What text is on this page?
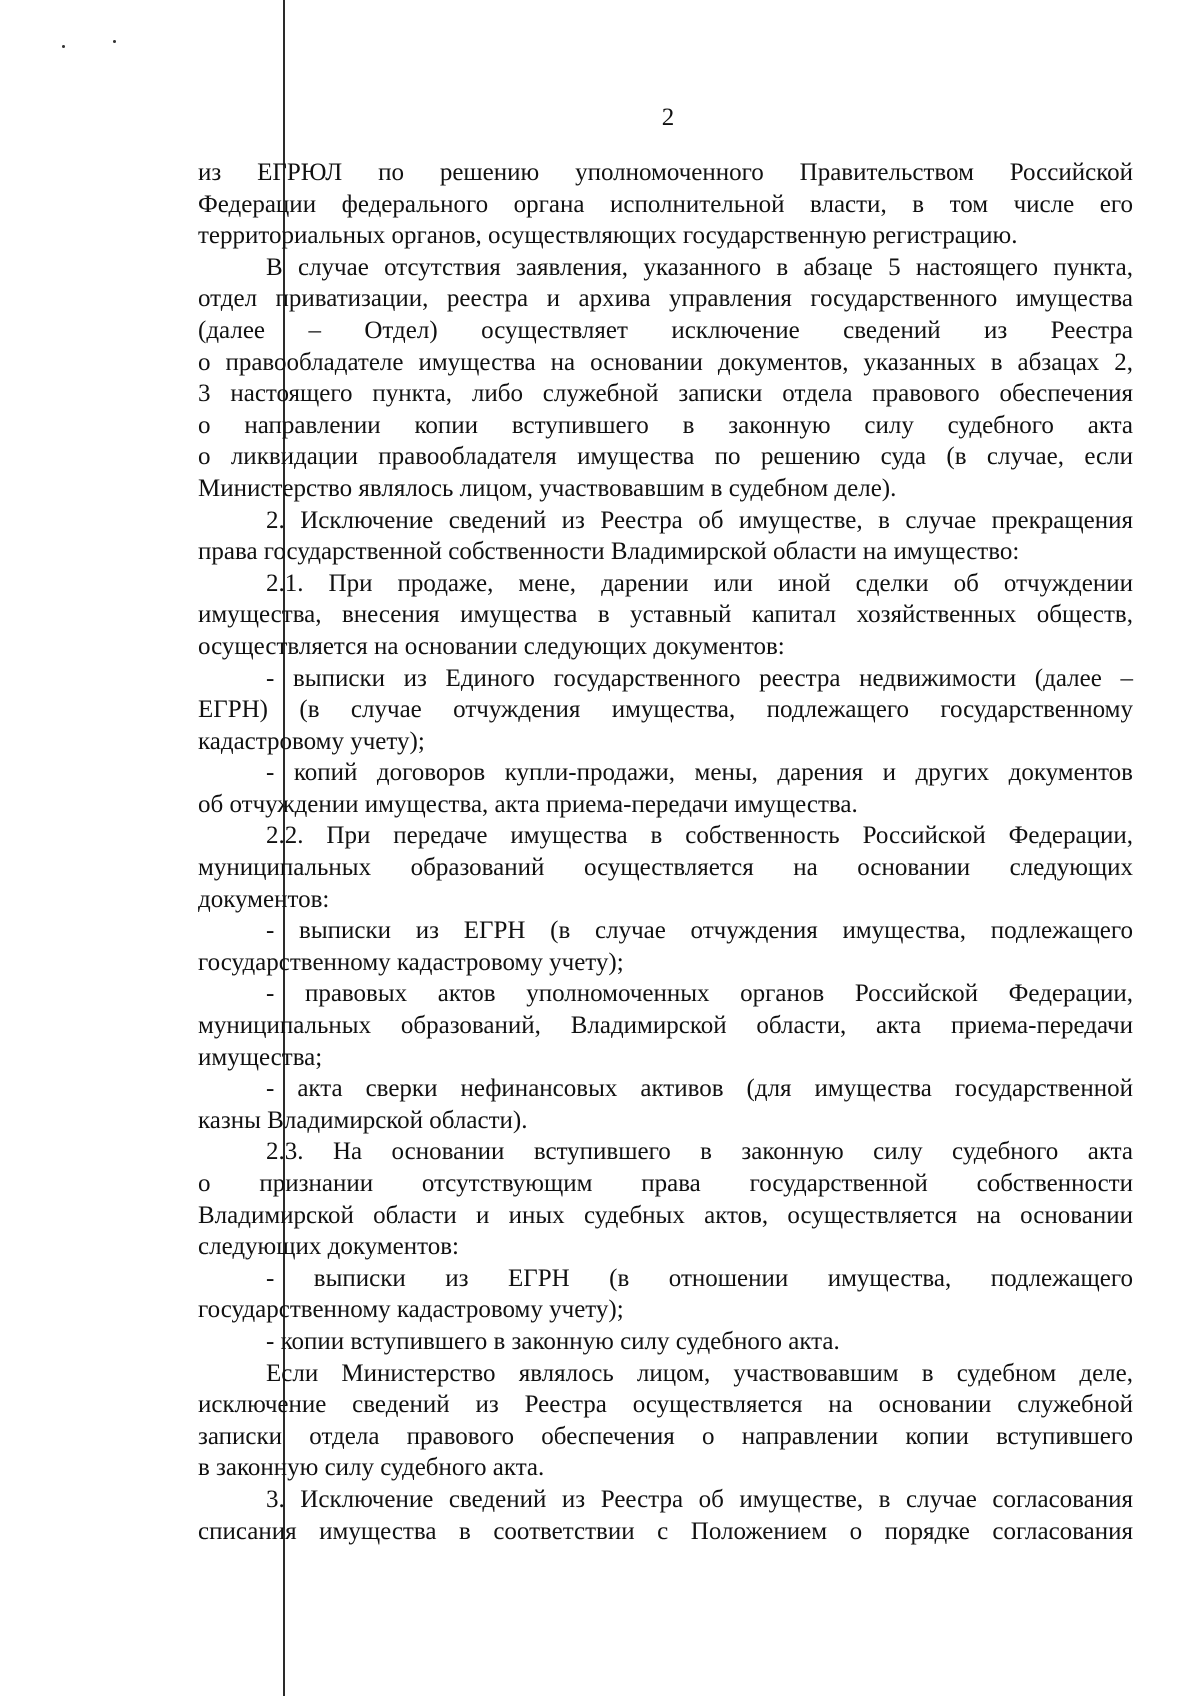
2

из ЕГРЮЛ по решению уполномоченного Правительством Российской

Федерации федерального органа исполнительной власти, в том числе его

территориальных органов, осуществляющих государственную регистрацию.

В случае отсутствия заявления, указанного в абзаце 5 настоящего пункта,

отдел приватизации, реестра и архива управления государственного имущества

(далее – Отдел) осуществляет исключение сведений из Реестра

о правообладателе имущества на основании документов, указанных в абзацах 2,

3 настоящего пункта, либо служебной записки отдела правового обеспечения

о направлении копии вступившего в законную силу судебного акта

о ликвидации правообладателя имущества по решению суда (в случае, если

Министерство являлось лицом, участвовавшим в судебном деле).

2. Исключение сведений из Реестра об имуществе, в случае прекращения

права государственной собственности Владимирской области на имущество:

2.1. При продаже, мене, дарении или иной сделки об отчуждении

имущества, внесения имущества в уставный капитал хозяйственных обществ,

осуществляется на основании следующих документов:

- выписки из Единого государственного реестра недвижимости (далее –

ЕГРН) (в случае отчуждения имущества, подлежащего государственному

кадастровому учету);

- копий договоров купли-продажи, мены, дарения и других документов

об отчуждении имущества, акта приема-передачи имущества.

2.2. При передаче имущества в собственность Российской Федерации,

муниципальных образований осуществляется на основании следующих

документов:

- выписки из ЕГРН (в случае отчуждения имущества, подлежащего

государственному кадастровому учету);

- правовых актов уполномоченных органов Российской Федерации,

муниципальных образований, Владимирской области, акта приема-передачи

имущества;

- акта сверки нефинансовых активов (для имущества государственной

казны Владимирской области).

2.3. На основании вступившего в законную силу судебного акта

о признании отсутствующим права государственной собственности

Владимирской области и иных судебных актов, осуществляется на основании

следующих документов:

- выписки из ЕГРН (в отношении имущества, подлежащего

государственному кадастровому учету);

- копии вступившего в законную силу судебного акта.

Если Министерство являлось лицом, участвовавшим в судебном деле,

исключение сведений из Реестра осуществляется на основании служебной

записки отдела правового обеспечения о направлении копии вступившего

в законную силу судебного акта.

3. Исключение сведений из Реестра об имуществе, в случае согласования

списания имущества в соответствии с Положением о порядке согласования
